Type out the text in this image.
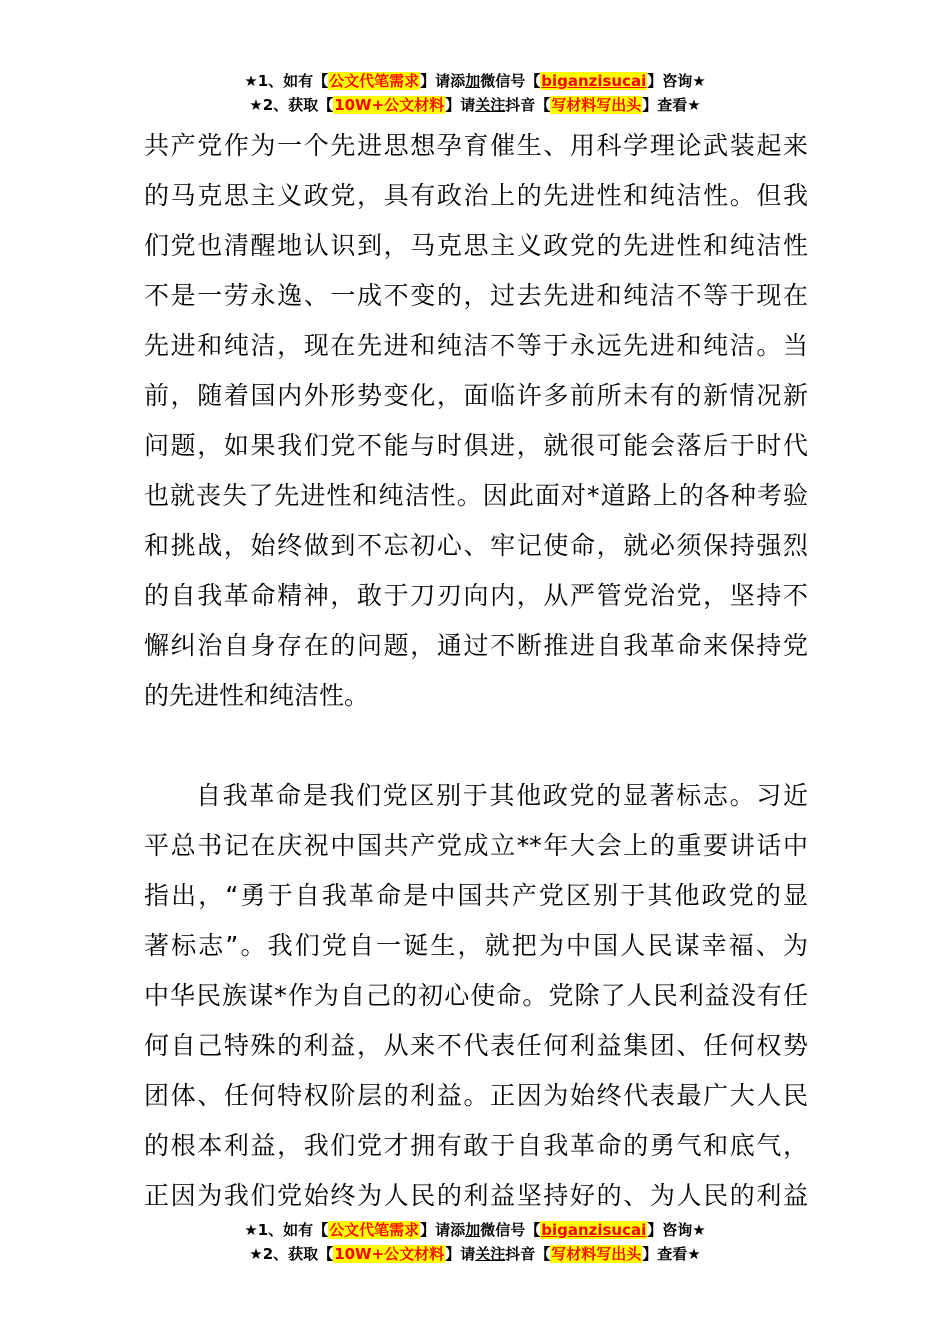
★1、如有【公文代笔需求】请添加微信号【biganzisucai】咨询★
★2、获取【10W+公文材料】请关注抖音【写材料写出头】查看★
共产党作为一个先进思想孕育催生、用科学理论武装起来
的马克思主义政党，具有政治上的先进性和纯洁性。但我
们党也清醒地认识到，马克思主义政党的先进性和纯洁性
不是一劳永逸、一成不变的，过去先进和纯洁不等于现在
先进和纯洁，现在先进和纯洁不等于永远先进和纯洁。当
前，随着国内外形势变化，面临许多前所未有的新情况新
问题，如果我们党不能与时俱进，就很可能会落后于时代
也就丧失了先进性和纯洁性。因此面对*道路上的各种考验
和挑战，始终做到不忘初心、牢记使命，就必须保持强烈
的自我革命精神，敢于刀刃向内，从严管党治党，坚持不
懈纠治自身存在的问题，通过不断推进自我革命来保持党
的先进性和纯洁性。
自我革命是我们党区别于其他政党的显著标志。习近
平总书记在庆祝中国共产党成立**年大会上的重要讲话中
指出，“勇于自我革命是中国共产党区别于其他政党的显
著标志”。我们党自一诞生，就把为中国人民谋幸福、为
中华民族谋*作为自己的初心使命。党除了人民利益没有任
何自己特殊的利益，从来不代表任何利益集团、任何权势
团体、任何特权阶层的利益。正因为始终代表最广大人民
的根本利益，我们党才拥有敢于自我革命的勇气和底气，
正因为我们党始终为人民的利益坚持好的、为人民的利益
★1、如有【公文代笔需求】请添加微信号【biganzisucai】咨询★
★2、获取【10W+公文材料】请关注抖音【写材料写出头】查看★
